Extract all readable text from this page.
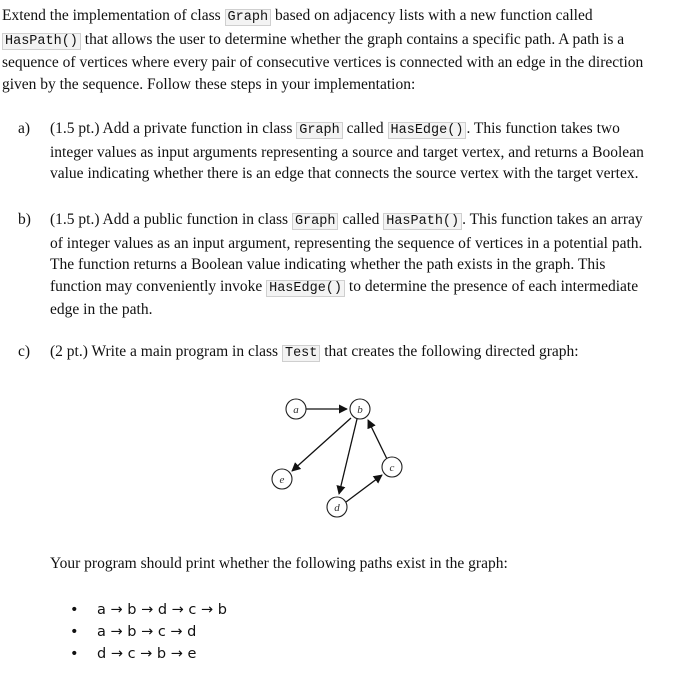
Extend the implementation of class Graph based on adjacency lists with a new function called
HasPath() that allows the user to determine whether the graph contains a specific path. A path is a
sequence of vertices where every pair of consecutive vertices is connected with an edge in the direction
given by the sequence. Follow these steps in your implementation:
a)	(1.5 pt.) Add a private function in class Graph called HasEdge() . This function takes two
integer values as input arguments representing a source and target vertex, and returns a Boolean
value indicating whether there is an edge that connects the source vertex with the target vertex.
b)	(1.5 pt.) Add a public function in class Graph called HasPath() . This function takes an array
of integer values as an input argument, representing the sequence of vertices in a potential path.
The function returns a Boolean value indicating whether the path exists in the graph. This
function may conveniently invoke HasEdge() to determine the presence of each intermediate
edge in the path.
c)	(2 pt.) Write a main program in class Test that creates the following directed graph:
a	b
c
d
e
Your program should print whether the following paths exist in the graph:
• a → b → d → c → b
• a → b → c → d
• d → c → b → e
